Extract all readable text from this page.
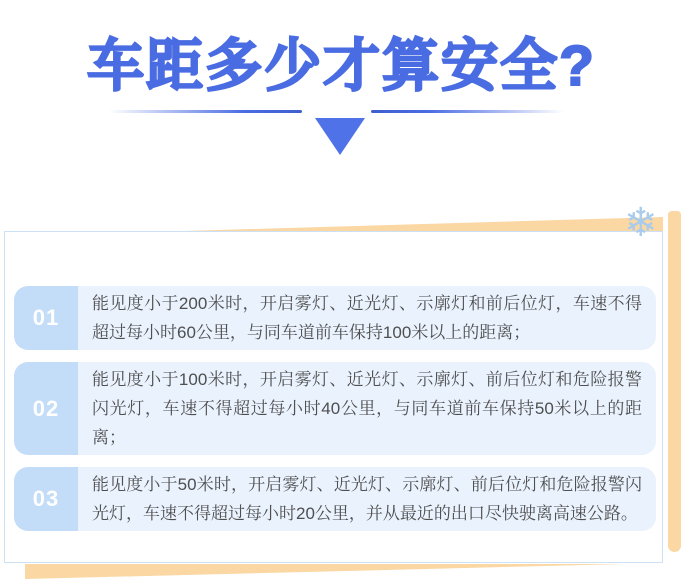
车距多少才算安全?
❄
01
能见度小于200米时，开启雾灯、近光灯、示廓灯和前后位灯，车速不得超过每小时60公里，与同车道前车保持100米以上的距离；
02
能见度小于100米时，开启雾灯、近光灯、示廓灯、前后位灯和危险报警闪光灯，车速不得超过每小时40公里，与同车道前车保持50米以上的距离；
03
能见度小于50米时，开启雾灯、近光灯、示廓灯、前后位灯和危险报警闪光灯，车速不得超过每小时20公里，并从最近的出口尽快驶离高速公路。
